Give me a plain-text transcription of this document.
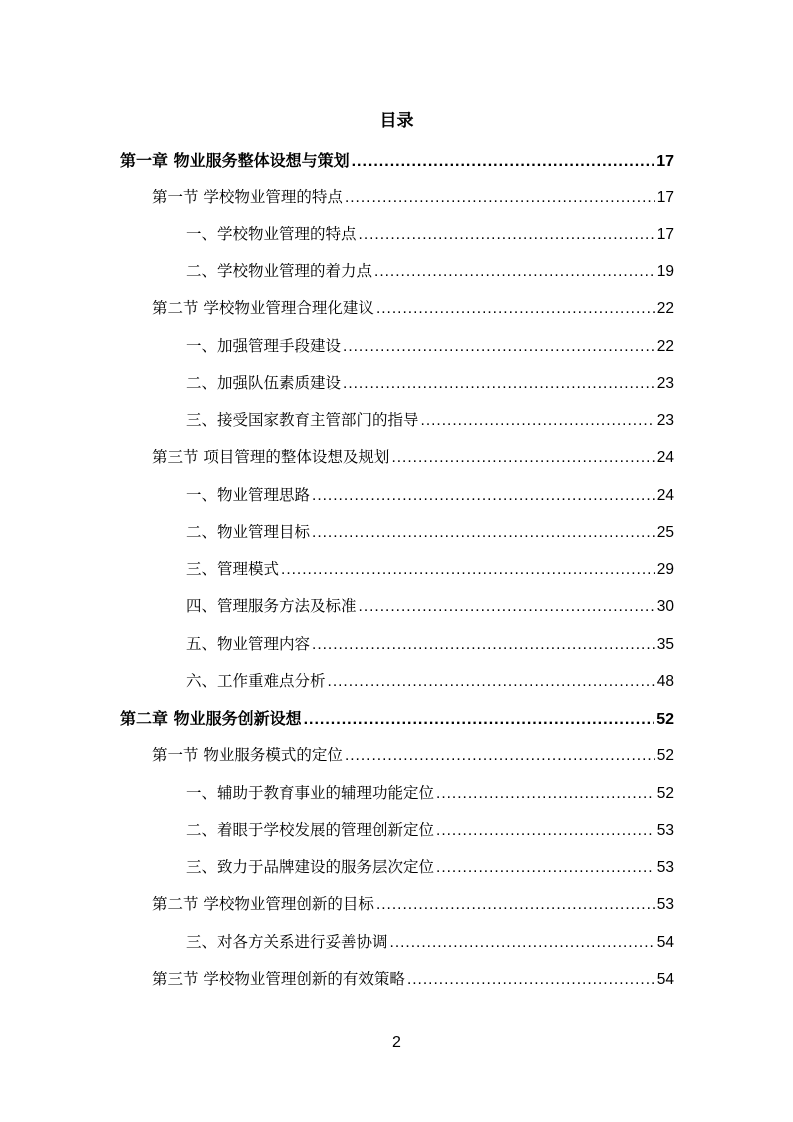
目录
第一章 物业服务整体设想与策划 .....	17
第一节 学校物业管理的特点 .....	17
一、学校物业管理的特点 .....	17
二、学校物业管理的着力点 .....	19
第二节 学校物业管理合理化建议 .....	22
一、加强管理手段建设 .....	22
二、加强队伍素质建设 .....	23
三、接受国家教育主管部门的指导 .....	23
第三节 项目管理的整体设想及规划 .....	24
一、物业管理思路 .....	24
二、物业管理目标 .....	25
三、管理模式 .....	29
四、管理服务方法及标准 .....	30
五、物业管理内容 .....	35
六、工作重难点分析 .....	48
第二章 物业服务创新设想 .....	52
第一节 物业服务模式的定位 .....	52
一、辅助于教育事业的辅理功能定位 .....	52
二、着眼于学校发展的管理创新定位 .....	53
三、致力于品牌建设的服务层次定位 .....	53
第二节 学校物业管理创新的目标 .....	53
三、对各方关系进行妥善协调 .....	54
第三节 学校物业管理创新的有效策略 .....	54
2
